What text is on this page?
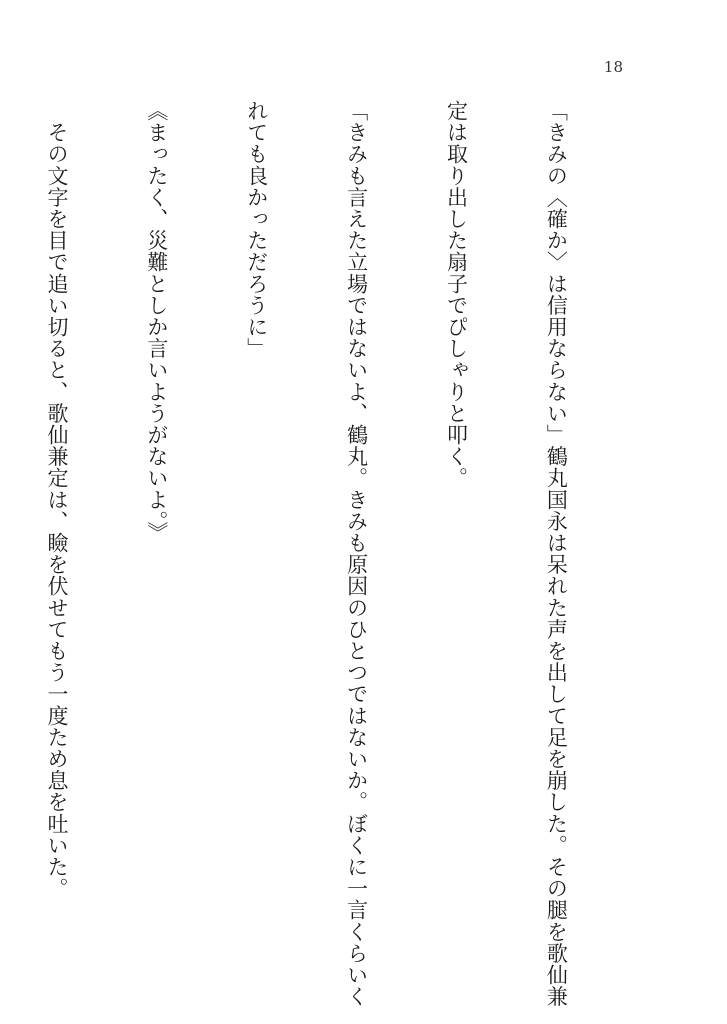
18

「きみの〈確か〉は信用ならない」鶴丸国永は呆れた声を出して足を崩した。その腿を歌仙兼

定は取り出した扇子でぴしゃりと叩く。

「きみも言えた立場ではないよ、鶴丸。きみも原因のひとつではないか。ぼくに一言くらいく

れても良かっただろうに」

《まったく、災難としか言いようがないよ。》

　その文字を目で追い切ると、歌仙兼定は、瞼を伏せてもう一度ため息を吐いた。
